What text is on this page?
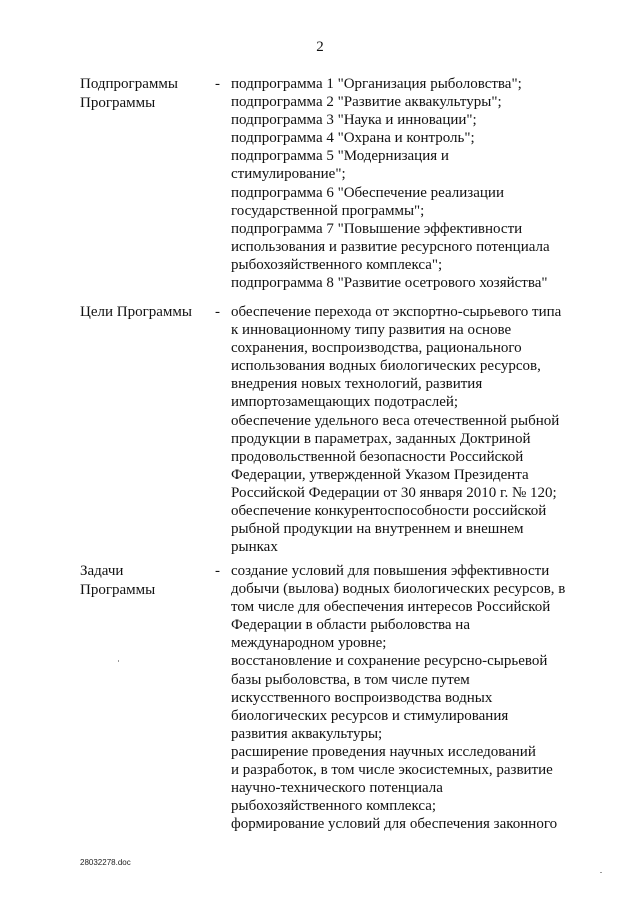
2
Подпрограммы
Программы
- подпрограмма 1 "Организация рыболовства";
подпрограмма 2 "Развитие аквакультуры";
подпрограмма 3 "Наука и инновации";
подпрограмма 4 "Охрана и контроль";
подпрограмма 5 "Модернизация и
стимулирование";
подпрограмма 6 "Обеспечение реализации
государственной программы";
подпрограмма 7 "Повышение эффективности
использования и развитие ресурсного потенциала
рыбохозяйственного комплекса";
подпрограмма 8 "Развитие осетрового хозяйства"
Цели Программы	- обеспечение перехода от экспортно-сырьевого типа
к инновационному типу развития на основе
сохранения, воспроизводства, рационального
использования водных биологических ресурсов,
внедрения новых технологий, развития
импортозамещающих подотраслей;
обеспечение удельного веса отечественной рыбной
продукции в параметрах, заданных Доктриной
продовольственной безопасности Российской
Федерации, утвержденной Указом Президента
Российской Федерации от 30 января 2010 г. № 120;
обеспечение конкурентоспособности российской
рыбной продукции на внутреннем и внешнем
рынках
Задачи
Программы
- создание условий для повышения эффективности
добычи (вылова) водных биологических ресурсов, в
том числе для обеспечения интересов Российской
Федерации в области рыболовства на
международном уровне;
восстановление и сохранение ресурсно-сырьевой
базы рыболовства, в том числе путем
искусственного воспроизводства водных
биологических ресурсов и стимулирования
развития аквакультуры;
расширение проведения научных исследований
и разработок, в том числе экосистемных, развитие
научно-технического потенциала
рыбохозяйственного комплекса;
формирование условий для обеспечения законного
28032278.doc
